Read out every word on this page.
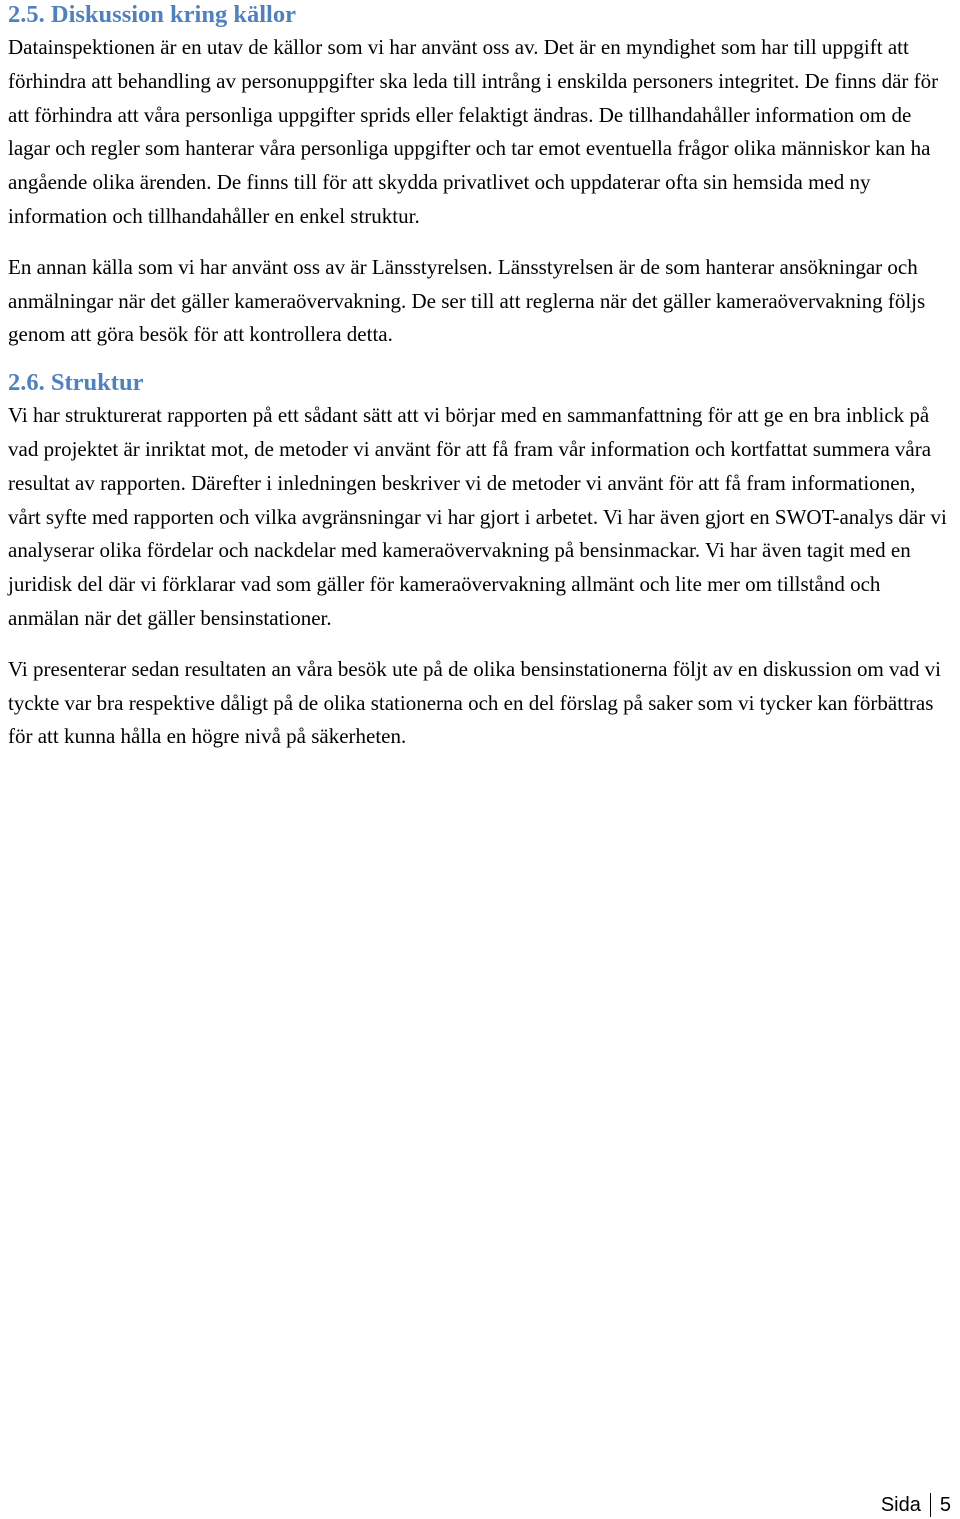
2.5. Diskussion kring källor

Datainspektionen är en utav de källor som vi har använt oss av. Det är en myndighet som har till uppgift att förhindra att behandling av personuppgifter ska leda till intrång i enskilda personers integritet. De finns där för att förhindra att våra personliga uppgifter sprids eller felaktigt ändras. De tillhandahåller information om de lagar och regler som hanterar våra personliga uppgifter och tar emot eventuella frågor olika människor kan ha angående olika ärenden. De finns till för att skydda privatlivet och uppdaterar ofta sin hemsida med ny information och tillhandahåller en enkel struktur.

En annan källa som vi har använt oss av är Länsstyrelsen. Länsstyrelsen är de som hanterar ansökningar och anmälningar när det gäller kameraövervakning. De ser till att reglerna när det gäller kameraövervakning följs genom att göra besök för att kontrollera detta.

2.6. Struktur

Vi har strukturerat rapporten på ett sådant sätt att vi börjar med en sammanfattning för att ge en bra inblick på vad projektet är inriktat mot, de metoder vi använt för att få fram vår information och kortfattat summera våra resultat av rapporten. Därefter i inledningen beskriver vi de metoder vi använt för att få fram informationen, vårt syfte med rapporten och vilka avgränsningar vi har gjort i arbetet. Vi har även gjort en SWOT-analys där vi analyserar olika fördelar och nackdelar med kameraövervakning på bensinmackar. Vi har även tagit med en juridisk del där vi förklarar vad som gäller för kameraövervakning allmänt och lite mer om tillstånd och anmälan när det gäller bensinstationer.

Vi presenterar sedan resultaten an våra besök ute på de olika bensinstationerna följt av en diskussion om vad vi tyckte var bra respektive dåligt på de olika stationerna och en del förslag på saker som vi tycker kan förbättras för att kunna hålla en högre nivå på säkerheten.

Sida 5
